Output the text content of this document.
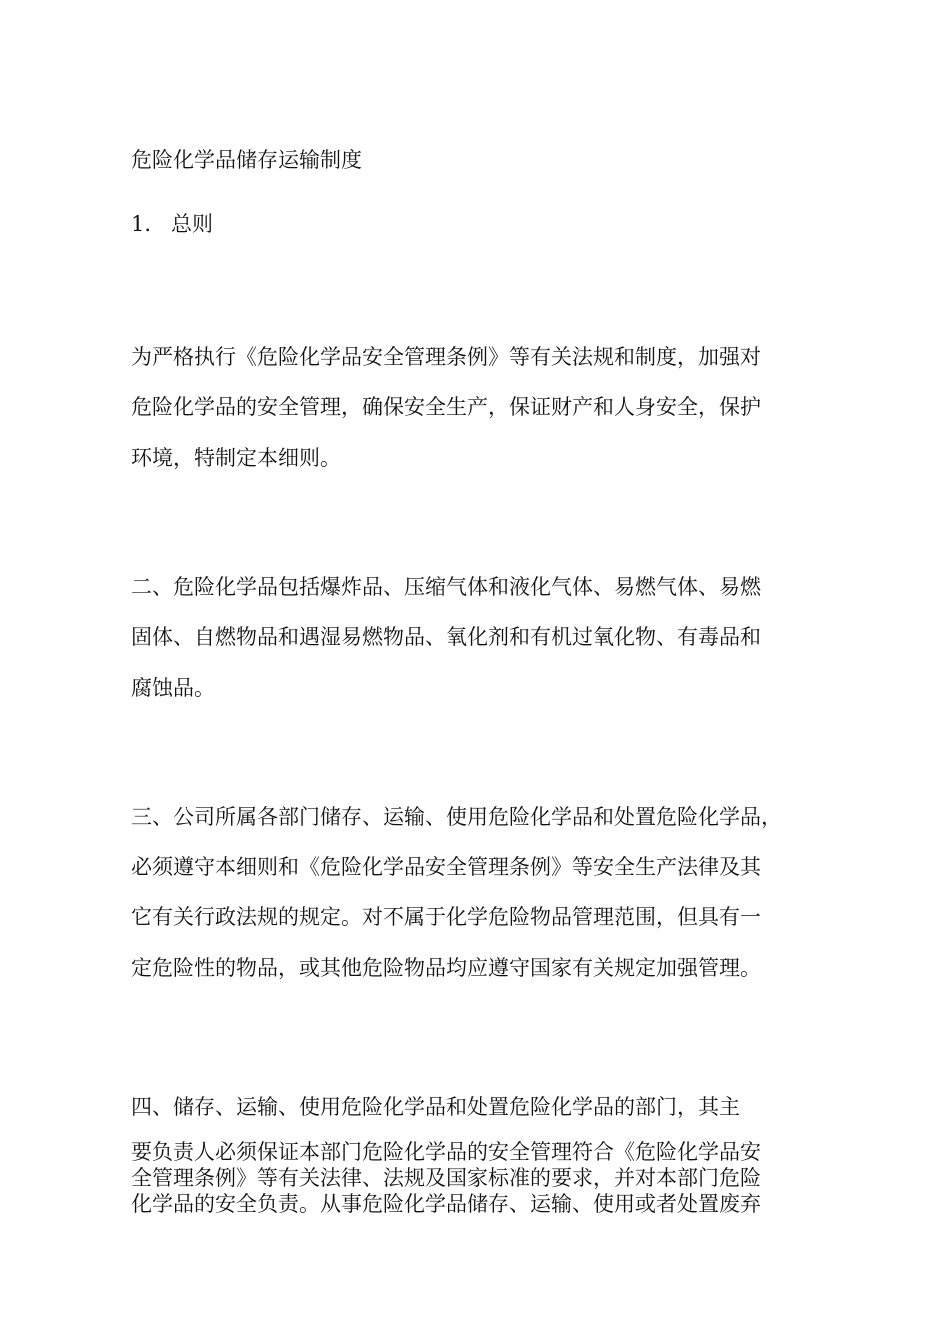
危险化学品储存运输制度
1. 总则
为严格执行《危险化学品安全管理条例》等有关法规和制度，加强对
危险化学品的安全管理，确保安全生产，保证财产和人身安全，保护
环境，特制定本细则。
二、危险化学品包括爆炸品、压缩气体和液化气体、易燃气体、易燃
固体、自燃物品和遇湿易燃物品、氧化剂和有机过氧化物、有毒品和
腐蚀品。
三、公司所属各部门储存、运输、使用危险化学品和处置危险化学品，
必须遵守本细则和《危险化学品安全管理条例》等安全生产法律及其
它有关行政法规的规定。对不属于化学危险物品管理范围，但具有一
定危险性的物品，或其他危险物品均应遵守国家有关规定加强管理。
四、储存、运输、使用危险化学品和处置危险化学品的部门，其主
要负责人必须保证本部门危险化学品的安全管理符合《危险化学品安
全管理条例》等有关法律、法规及国家标准的要求，并对本部门危险
化学品的安全负责。从事危险化学品储存、运输、使用或者处置废弃
